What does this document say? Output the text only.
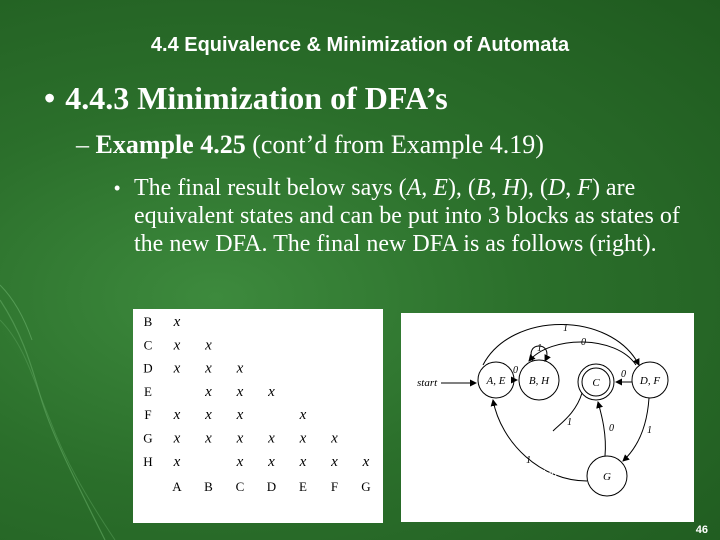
4.4 Equivalence & Minimization of Automata
• 4.4.3 Minimization of DFA’s
– Example 4.25 (cont’d from Example 4.19)
• The final result below says (A, E), (B, H), (D, F) are equivalent states and can be put into 3 blocks as states of the new DFA. The final new DFA is as follows (right).
B x
C x x
D x x x
E	x x x
F x x x	x
G x x x x x x
H x	x x x x x
A B C D E F G
start	A, E B, H	C	D, F
G
1
0
1
0	0
1
0
1
1
Fig. 4.12 (identical to that in textbook except drawing style)
46
